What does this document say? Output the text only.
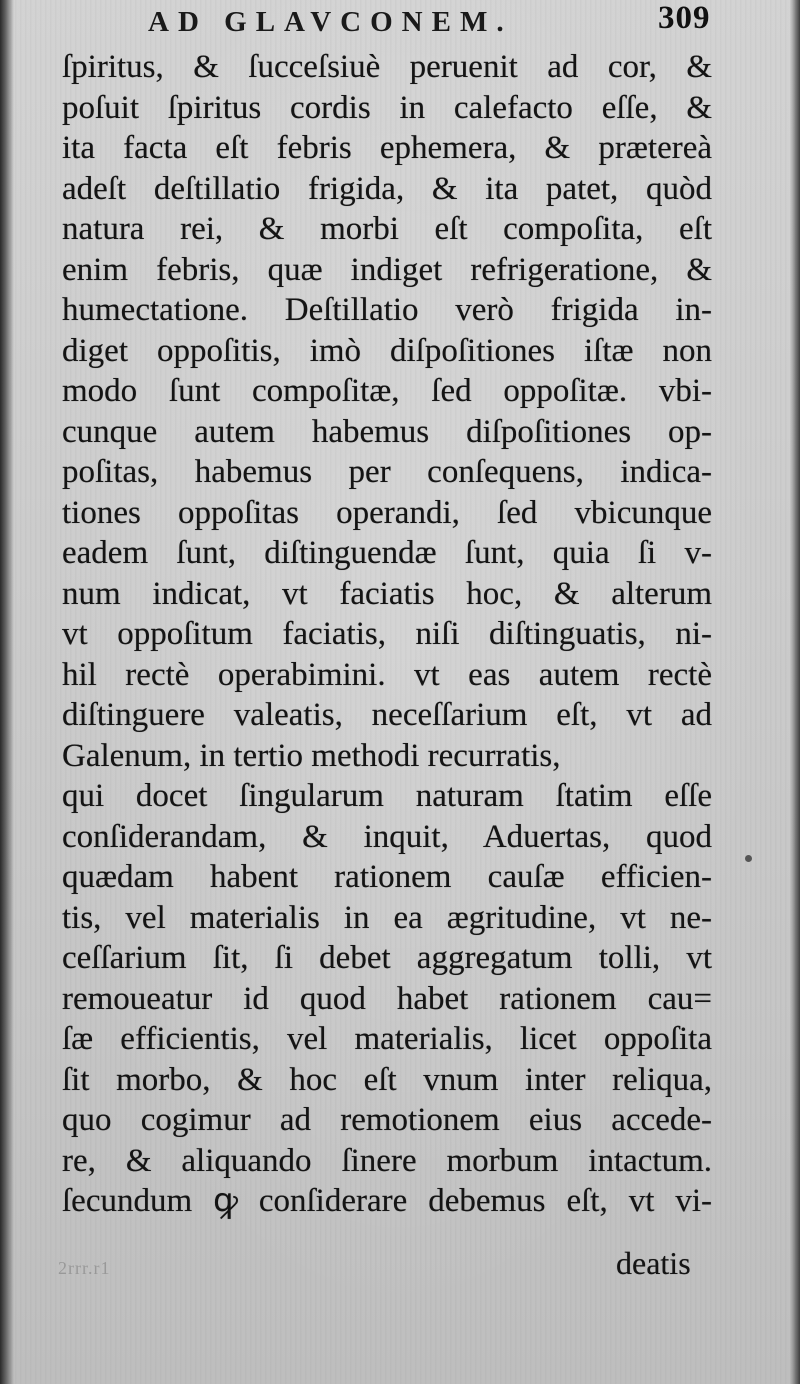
AD GLAVCONEM.	309
ſpiritus, & ſucceſsiuè peruenit ad cor, &
poſuit ſpiritus cordis in calefacto eſſe, &
ita facta eſt febris ephemera, & prætereà
adeſt deſtillatio frigida, & ita patet, quòd
natura rei, & morbi eſt compoſita, eſt
enim febris, quæ indiget refrigeratione, &
humectatione. Deſtillatio verò frigida in-
diget oppoſitis, imò diſpoſitiones iſtæ non
modo ſunt compoſitæ, ſed oppoſitæ. vbi-
cunque autem habemus diſpoſitiones op-
poſitas, habemus per conſequens, indica-
tiones oppoſitas operandi, ſed vbicunque
eadem ſunt, diſtinguendæ ſunt, quia ſi v-
num indicat, vt faciatis hoc, & alterum
vt oppoſitum faciatis, niſi diſtinguatis, ni-
hil rectè operabimini. vt eas autem rectè
diſtinguere valeatis, neceſſarium eſt, vt ad
Galenum, in tertio methodi recurratis,
qui docet ſingularum naturam ſtatim eſſe
conſiderandam, & inquit, Aduertas, quod
quædam habent rationem cauſæ efficien-
tis, vel materialis in ea ægritudine, vt ne-
ceſſarium ſit, ſi debet aggregatum tolli, vt
remoueatur id quod habet rationem cau=
ſæ efficientis, vel materialis, licet oppoſita
ſit morbo, & hoc eſt vnum inter reliqua,
quo cogimur ad remotionem eius accede-
re, & aliquando ſinere morbum intactum.
ſecundum ꝙ conſiderare debemus eſt, vt vi-
2rrr.r1	deatis
